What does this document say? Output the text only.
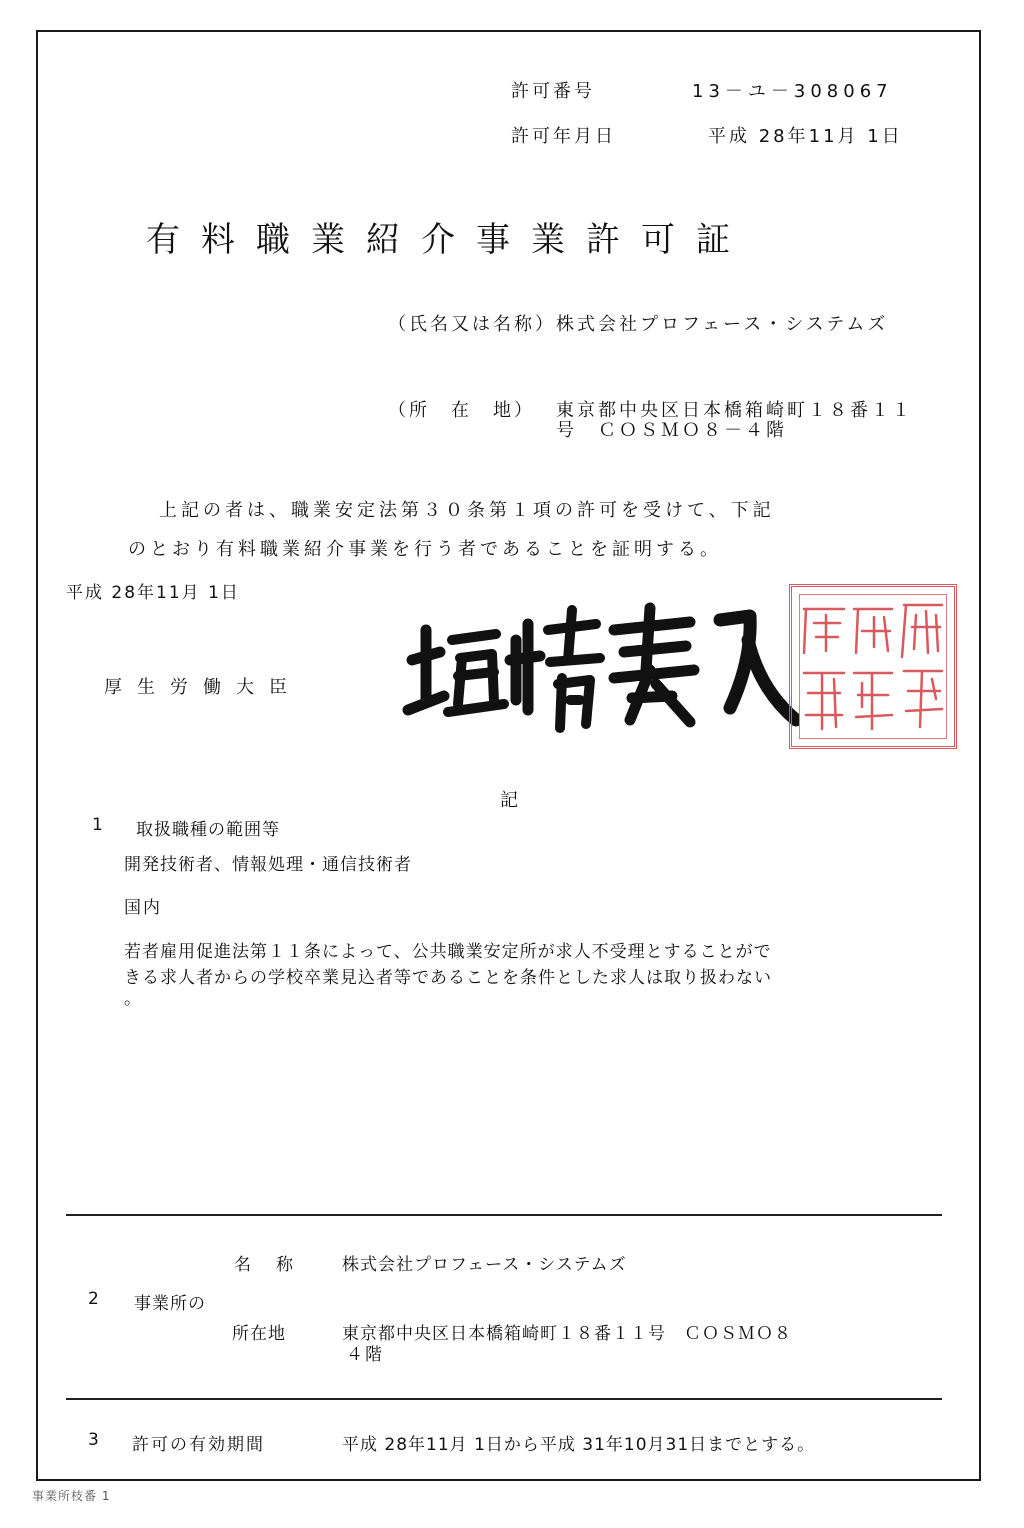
許可番号	13－ユ－308067
許可年月日	平成 28年11月 1日
有料職業紹介事業許可証
（氏名又は名称） 株式会社プロフェース・システムズ
（所　在　地） 東京都中央区日本橋箱崎町１８番１１
号　ＣＯＳＭＯ８－４階
上記の者は、職業安定法第３０条第１項の許可を受けて、下記
のとおり有料職業紹介事業を行う者であることを証明する。
平成 28年11月 1日
厚生労働大臣
記
1 取扱職種の範囲等
開発技術者、情報処理・通信技術者
国内
若者雇用促進法第１１条によって、公共職業安定所が求人不受理とすることがで
きる求人者からの学校卒業見込者等であることを条件とした求人は取り扱わない
。
名　称	株式会社プロフェース・システムズ
2 事業所の
所在地	東京都中央区日本橋箱崎町１８番１１号　ＣＯＳＭＯ８
４階
3 許可の有効期間	平成 28年11月 1日から平成 31年10月31日までとする。
事業所枝番 1
